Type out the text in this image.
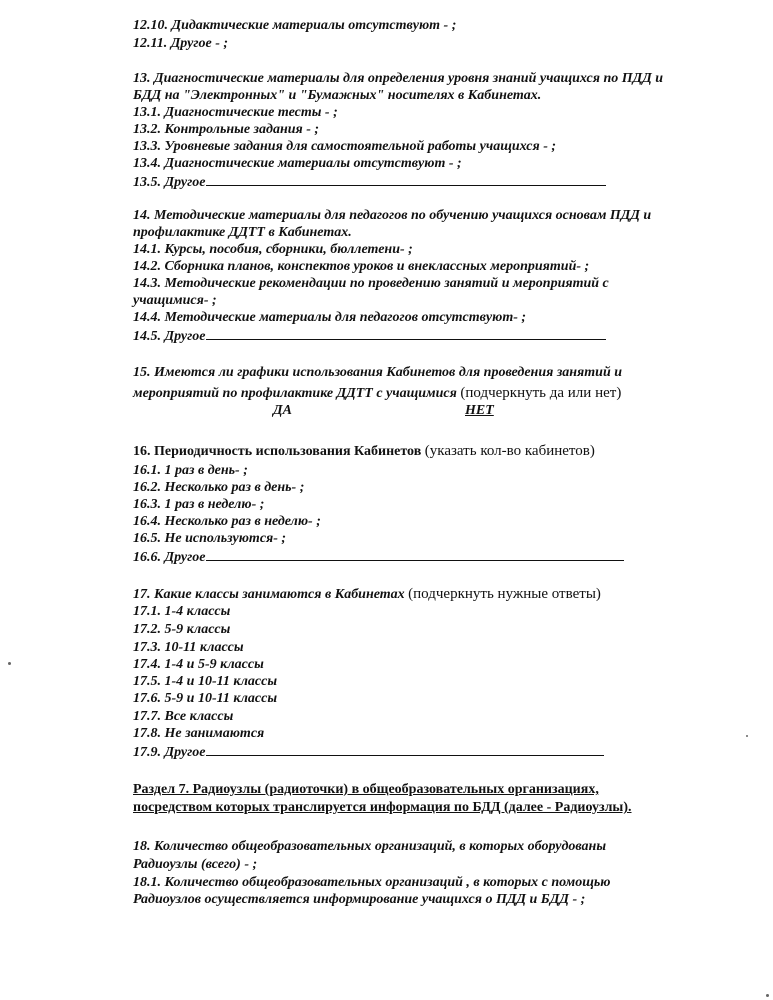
12.10. Дидактические материалы отсутствуют - ;
12.11. Другое - ;
13. Диагностические материалы для определения уровня знаний учащихся по ПДД и
БДД на "Электронных" и "Бумажных" носителях в Кабинетах.
13.1. Диагностические тесты - ;
13.2. Контрольные задания - ;
13.3. Уровневые задания для самостоятельной работы учащихся - ;
13.4. Диагностические материалы отсутствуют - ;
13.5. Другое
14. Методические материалы для педагогов по обучению учащихся основам ПДД и
профилактике ДДТТ в Кабинетах.
14.1. Курсы, пособия, сборники, бюллетени- ;
14.2. Сборника планов, конспектов уроков и внеклассных мероприятий- ;
14.3. Методические рекомендации по проведению занятий и мероприятий с
учащимися- ;
14.4. Методические материалы для педагогов отсутствуют- ;
14.5. Другое
15. Имеются ли графики использования Кабинетов для проведения занятий и
мероприятий по профилактике ДДТТ с учащимися (подчеркнуть да или нет)
ДА	НЕТ
16. Периодичность использования Кабинетов (указать кол-во кабинетов)
16.1. 1 раз в день- ;
16.2. Несколько раз в день- ;
16.3. 1 раз в неделю- ;
16.4. Несколько раз в неделю- ;
16.5. Не используются- ;
16.6. Другое
17. Какие классы занимаются в Кабинетах (подчеркнуть нужные ответы)
17.1. 1-4 классы
17.2. 5-9 классы
17.3. 10-11 классы
17.4. 1-4 и 5-9 классы
17.5. 1-4 и 10-11 классы
17.6. 5-9 и 10-11 классы
17.7. Все классы
17.8. Не занимаются
17.9. Другое
Раздел 7. Радиоузлы (радиоточки) в общеобразовательных организациях,
посредством которых транслируется информация по БДД (далее - Радиоузлы).
18. Количество общеобразовательных организаций, в которых оборудованы
Радиоузлы (всего) - ;
18.1. Количество общеобразовательных организаций , в которых с помощью
Радиоузлов осуществляется информирование учащихся о ПДД и БДД - ;
